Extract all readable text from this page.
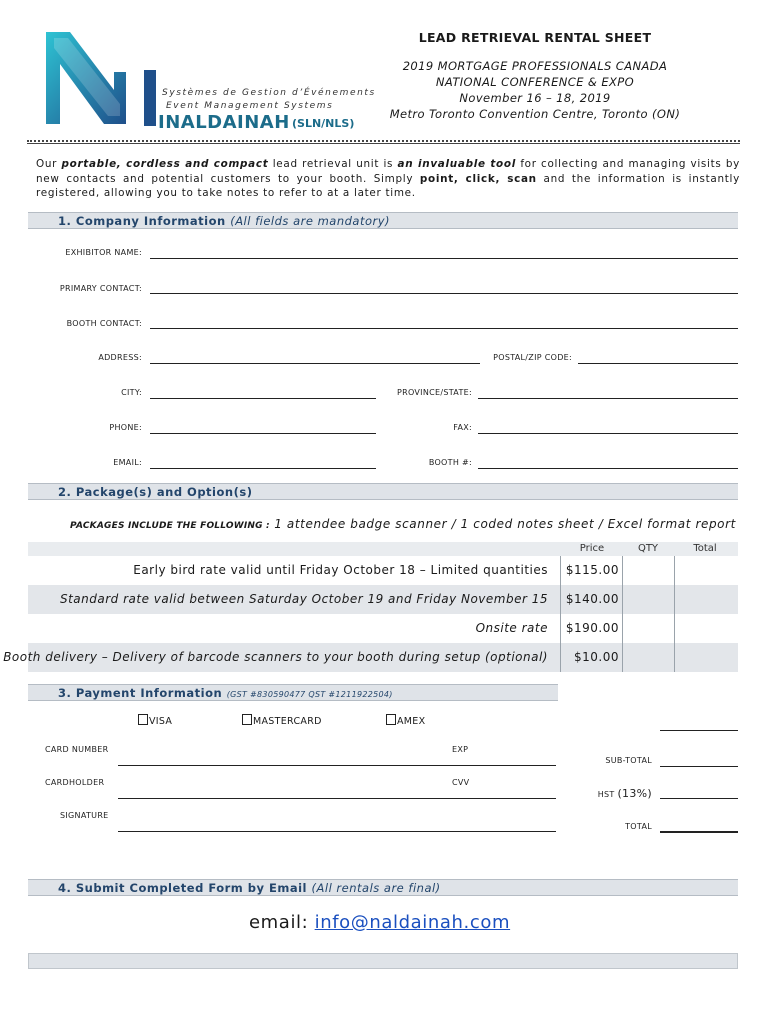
Systèmes de Gestion d’Événements
Event Management Systems
INALDAINAH (SLN/NLS)
LEAD RETRIEVAL RENTAL SHEET
2019 MORTGAGE PROFESSIONALS CANADA
NATIONAL CONFERENCE & EXPO
November 16 – 18, 2019
Metro Toronto Convention Centre, Toronto (ON)
Our portable, cordless and compact lead retrieval unit is an invaluable tool for collecting and managing visits by new contacts and potential customers to your booth. Simply point, click, scan and the information is instantly registered, allowing you to take notes to refer to at a later time.
1. Company Information (All fields are mandatory)
EXHIBITOR NAME:
PRIMARY CONTACT:
BOOTH CONTACT:
ADDRESS:	POSTAL/ZIP CODE:
CITY:	PROVINCE/STATE:
PHONE:	FAX:
EMAIL:	BOOTH #:
2. Package(s) and Option(s)
PACKAGES INCLUDE THE FOLLOWING : 1 attendee badge scanner / 1 coded notes sheet / Excel format report
Price	QTY	Total
Early bird rate valid until Friday October 18 – Limited quantities $115.00
Standard rate valid between Saturday October 19 and Friday November 15 $140.00
Onsite rate $190.00
Booth delivery – Delivery of barcode scanners to your booth during setup (optional)	$10.00
3. Payment Information (GST #830590477 QST #1211922504)
VISA	MASTERCARD	AMEX
CARD NUMBER	EXP
CARDHOLDER	CVV
SIGNATURE
SUB-TOTAL
HST (13%)
TOTAL
4. Submit Completed Form by Email (All rentals are final)
email: info@naldainah.com
